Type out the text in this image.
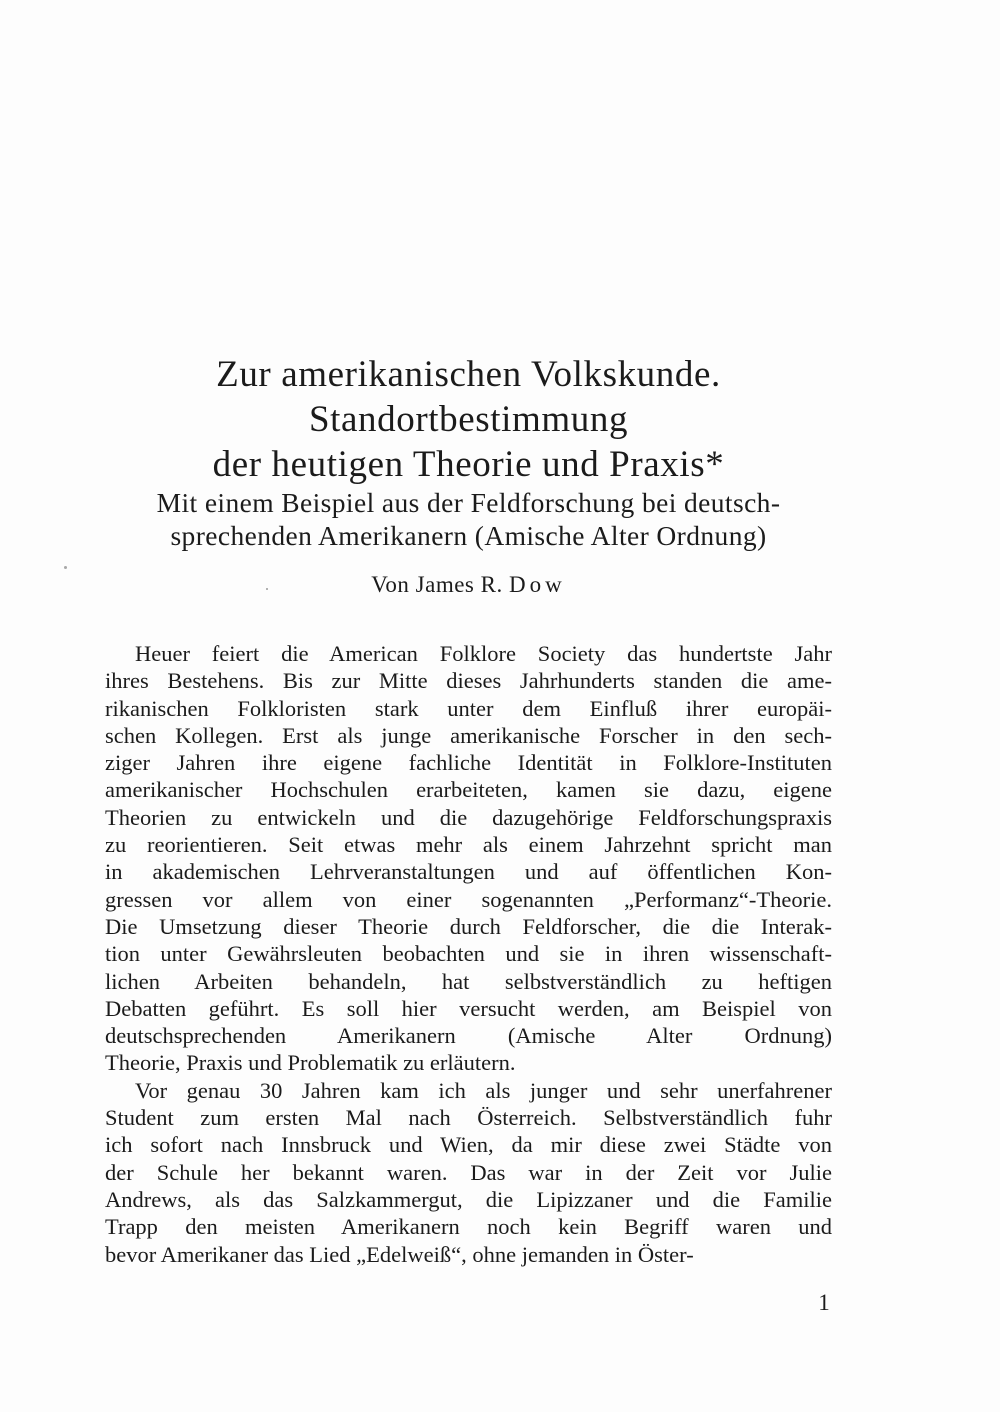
Zur amerikanischen Volkskunde.
Standortbestimmung
der heutigen Theorie und Praxis*
Mit einem Beispiel aus der Feldforschung bei deutsch-
sprechenden Amerikanern (Amische Alter Ordnung)
Von James R. Dow
Heuer feiert die American Folklore Society das hundertste Jahr
ihres Bestehens. Bis zur Mitte dieses Jahrhunderts standen die ame-
rikanischen Folkloristen stark unter dem Einfluß ihrer europäi-
schen Kollegen. Erst als junge amerikanische Forscher in den sech-
ziger Jahren ihre eigene fachliche Identität in Folklore-Instituten
amerikanischer Hochschulen erarbeiteten, kamen sie dazu, eigene
Theorien zu entwickeln und die dazugehörige Feldforschungspraxis
zu reorientieren. Seit etwas mehr als einem Jahrzehnt spricht man
in akademischen Lehrveranstaltungen und auf öffentlichen Kon-
gressen vor allem von einer sogenannten „Performanz“-Theorie.
Die Umsetzung dieser Theorie durch Feldforscher, die die Interak-
tion unter Gewährsleuten beobachten und sie in ihren wissenschaft-
lichen Arbeiten behandeln, hat selbstverständlich zu heftigen
Debatten geführt. Es soll hier versucht werden, am Beispiel von
deutschsprechenden Amerikanern (Amische Alter Ordnung)
Theorie, Praxis und Problematik zu erläutern.
Vor genau 30 Jahren kam ich als junger und sehr unerfahrener
Student zum ersten Mal nach Österreich. Selbstverständlich fuhr
ich sofort nach Innsbruck und Wien, da mir diese zwei Städte von
der Schule her bekannt waren. Das war in der Zeit vor Julie
Andrews, als das Salzkammergut, die Lipizzaner und die Familie
Trapp den meisten Amerikanern noch kein Begriff waren und
bevor Amerikaner das Lied „Edelweiß“, ohne jemanden in Öster-
1
